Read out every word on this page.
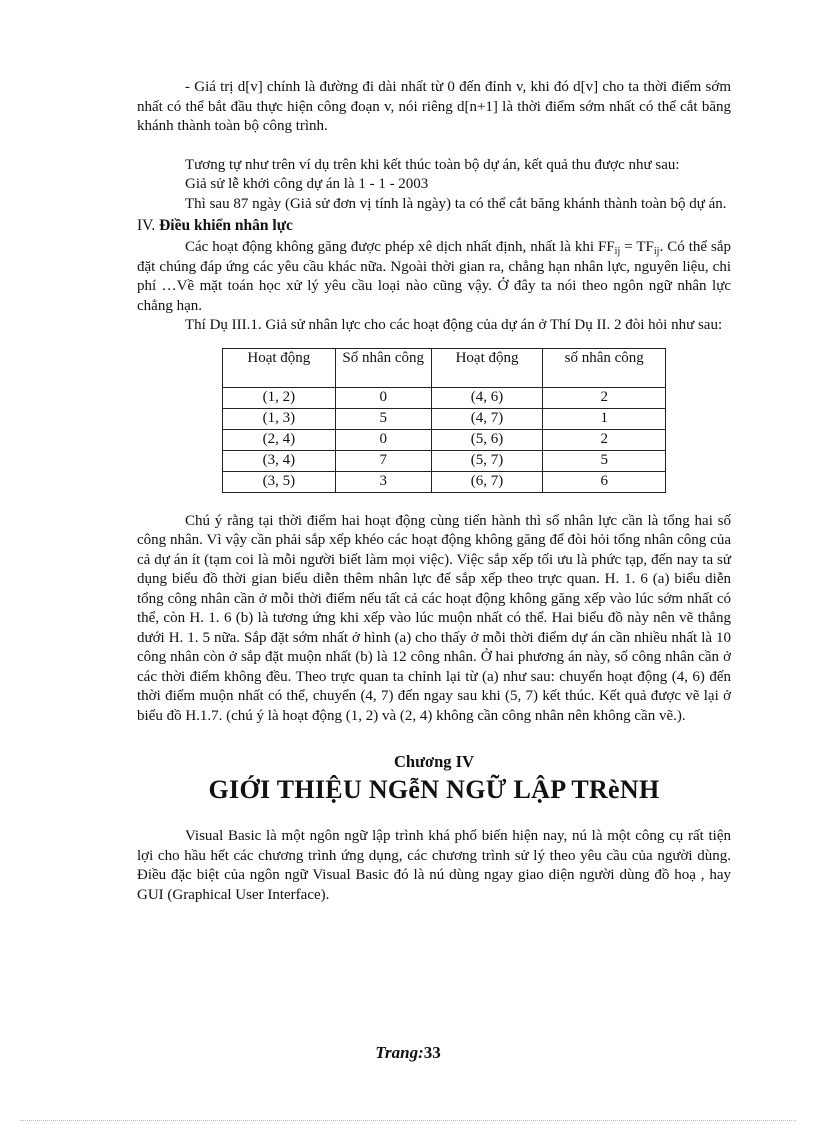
- Giá trị d[v] chính là đường đi dài nhất từ 0 đến đỉnh v, khi đó d[v] cho ta thời điểm sớm nhất có thể bắt đầu thực hiện công đoạn v, nói riêng d[n+1] là thời điểm sớm nhất có thể cắt băng khánh thành toàn bộ công trình.

Tương tự như trên ví dụ trên khi kết thúc toàn bộ dự án, kết quả thu được như sau:

Giả sử lễ khởi công dự án là 1 - 1 - 2003

Thì sau 87 ngày (Giả sử đơn vị tính là ngày) ta có thể cắt băng khánh thành toàn bộ dự án.

IV. Điều khiển nhân lực

Các hoạt động không găng được phép xê dịch nhất định, nhất là khi $FF_{ij} = TF_{ij}$. Có thể sắp đặt chúng đáp ứng các yêu cầu khác nữa. Ngoài thời gian ra, chẳng hạn nhân lực, nguyên liệu, chi phí …Về mặt toán học xử lý yêu cầu loại nào cũng vậy. Ở đây ta nói theo ngôn ngữ nhân lực chẳng hạn.

Thí Dụ III.1. Giả sử nhân lực cho các hoạt động của dự án ở Thí Dụ II. 2 đòi hỏi như sau:

Hoạt động	Số nhân công	Hoạt động	số nhân công
(1, 2)	0	(4, 6)	2
(1, 3)	5	(4, 7)	1
(2, 4)	0	(5, 6)	2
(3, 4)	7	(5, 7)	5
(3, 5)	3	(6, 7)	6

Chú ý rằng tại thời điểm hai hoạt động cùng tiến hành thì số nhân lực cần là tổng hai số công nhân. Vì vậy cần phải sắp xếp khéo các hoạt động không găng để đòi hỏi tổng nhân công của cả dự án ít (tạm coi là mỗi người biết làm mọi việc). Việc sắp xếp tối ưu là phức tạp, đến nay ta sử dụng biểu đồ thời gian biểu diễn thêm nhân lực để sắp xếp theo trực quan. H. 1. 6 (a) biểu diễn tổng công nhân cần ở mỗi thời điểm nếu tất cả các hoạt động không găng xếp vào lúc sớm nhất có thể, còn H. 1. 6 (b) là tương ứng khi xếp vào lúc muộn nhất có thể. Hai biểu đồ này nên vẽ thẳng dưới H. 1. 5 nữa. Sắp đặt sớm nhất ở hình (a) cho thấy ở mỗi thời điểm dự án cần nhiều nhất là 10 công nhân còn ở sắp đặt muộn nhất (b) là 12 công nhân. Ở hai phương án này, số công nhân cần ở các thời điểm không đều. Theo trực quan ta chỉnh lại từ (a) như sau: chuyển hoạt động (4, 6) đến thời điểm muộn nhất có thể, chuyển (4, 7) đến ngay sau khi (5, 7) kết thúc. Kết quả được vẽ lại ở biểu đồ H.1.7. (chú ý là hoạt động (1, 2) và (2, 4) không cần công nhân nên không cần vẽ.).

Chương IV
GIỚI THIỆU NGễN NGỮ LẬP TRèNH

Visual Basic là một ngôn ngữ lập trình khá phổ biến hiện nay, nú là một công cụ rất tiện lợi cho hầu hết các chương trình ứng dụng, các chương trình sử lý theo yêu cầu của người dùng. Điều đặc biệt của ngôn ngữ Visual Basic đó là nú dùng ngay giao diện người dùng đồ hoạ , hay GUI (Graphical User Interface).

Trang:33
